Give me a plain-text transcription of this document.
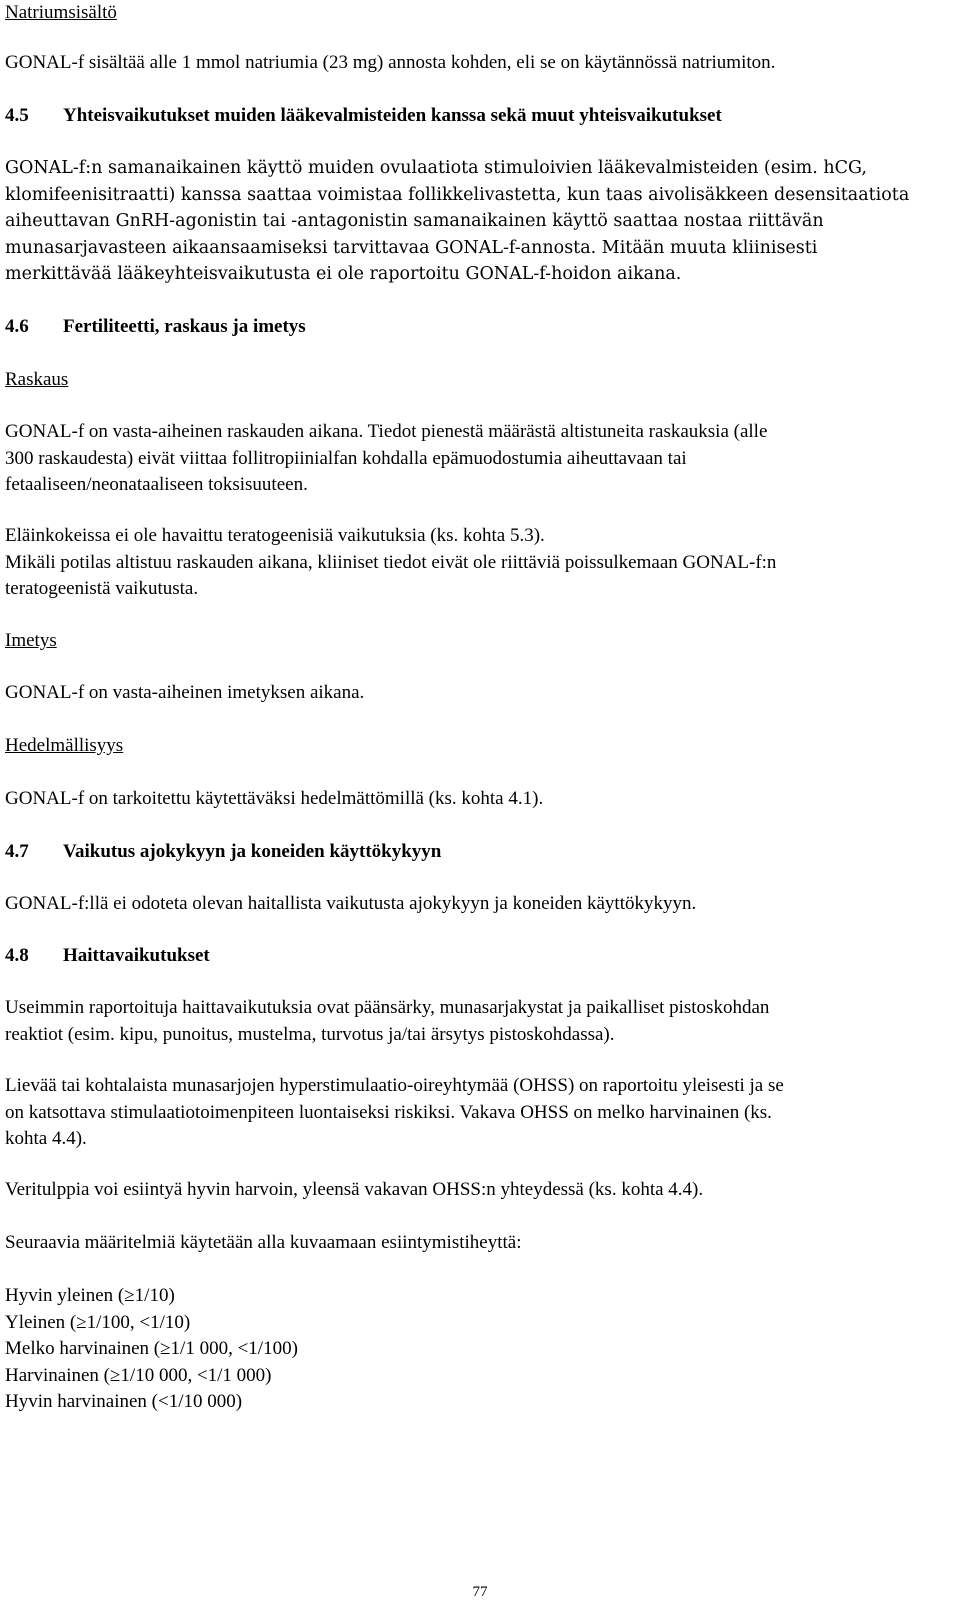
Natriumsisältö

GONAL-f sisältää alle 1 mmol natriumia (23 mg) annosta kohden, eli se on käytännössä natriumiton.

4.5 Yhteisvaikutukset muiden lääkevalmisteiden kanssa sekä muut yhteisvaikutukset

GONAL-f:n samanaikainen käyttö muiden ovulaatiota stimuloivien lääkevalmisteiden (esim. hCG,
klomifeenisitraatti) kanssa saattaa voimistaa follikkelivastetta, kun taas aivolisäkkeen desensitaatiota
aiheuttavan GnRH-agonistin tai -antagonistin samanaikainen käyttö saattaa nostaa riittävän
munasarjavasteen aikaansaamiseksi tarvittavaa GONAL-f-annosta. Mitään muuta kliinisesti
merkittävää lääkeyhteisvaikutusta ei ole raportoitu GONAL-f-hoidon aikana.

4.6 Fertiliteetti, raskaus ja imetys

Raskaus

GONAL-f on vasta-aiheinen raskauden aikana. Tiedot pienestä määrästä altistuneita raskauksia (alle
300 raskaudesta) eivät viittaa follitropiinialfan kohdalla epämuodostumia aiheuttavaan tai
fetaaliseen/neonataaliseen toksisuuteen.
Eläinkokeissa ei ole havaittu teratogeenisiä vaikutuksia (ks. kohta 5.3).
Mikäli potilas altistuu raskauden aikana, kliiniset tiedot eivät ole riittäviä poissulkemaan GONAL-f:n
teratogeenistä vaikutusta.

Imetys

GONAL-f on vasta-aiheinen imetyksen aikana.

Hedelmällisyys

GONAL-f on tarkoitettu käytettäväksi hedelmättömillä (ks. kohta 4.1).

4.7 Vaikutus ajokykyyn ja koneiden käyttökykyyn

GONAL-f:llä ei odoteta olevan haitallista vaikutusta ajokykyyn ja koneiden käyttökykyyn.

4.8 Haittavaikutukset

Useimmin raportoituja haittavaikutuksia ovat päänsärky, munasarjakystat ja paikalliset pistoskohdan
reaktiot (esim. kipu, punoitus, mustelma, turvotus ja/tai ärsytys pistoskohdassa).
Lievää tai kohtalaista munasarjojen hyperstimulaatio-oireyhtymää (OHSS) on raportoitu yleisesti ja se
on katsottava stimulaatiotoimenpiteen luontaiseksi riskiksi. Vakava OHSS on melko harvinainen (ks.
kohta 4.4).

Veritulppia voi esiintyä hyvin harvoin, yleensä vakavan OHSS:n yhteydessä (ks. kohta 4.4).

Seuraavia määritelmiä käytetään alla kuvaamaan esiintymistiheyttä:

Hyvin yleinen (≥1/10)
Yleinen (≥1/100, <1/10)
Melko harvinainen (≥1/1 000, <1/100)
Harvinainen (≥1/10 000, <1/1 000)
Hyvin harvinainen (<1/10 000)
77
